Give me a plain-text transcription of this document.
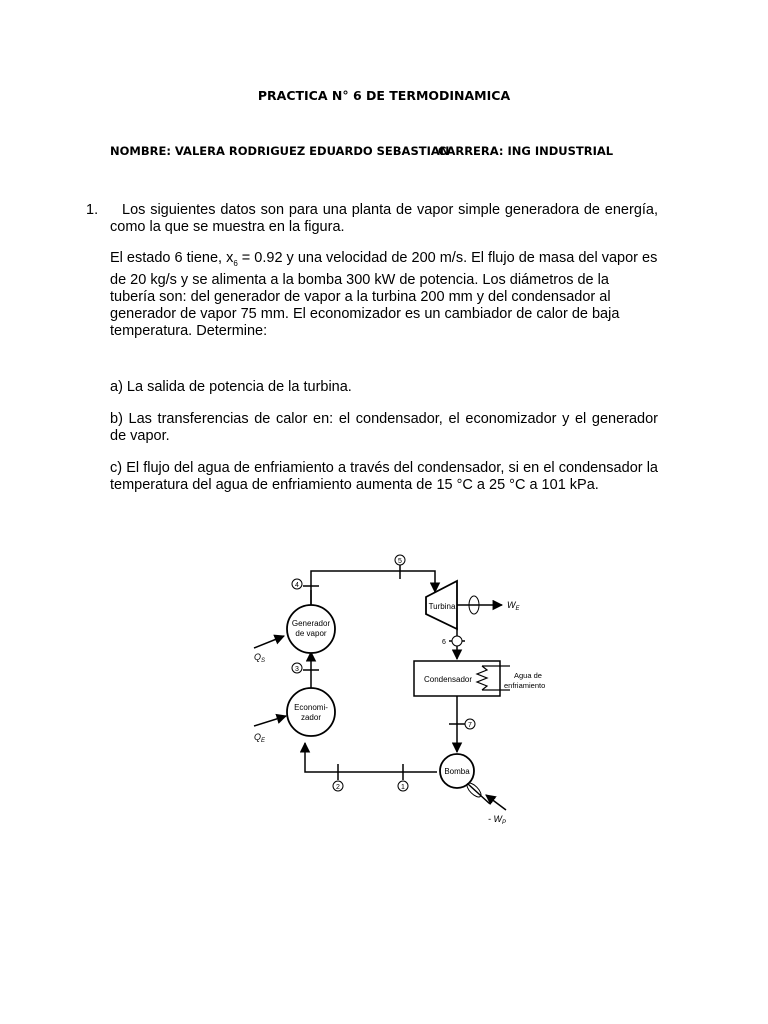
PRACTICA N° 6 DE TERMODINAMICA
NOMBRE: VALERA RODRIGUEZ EDUARDO SEBASTIAN
CARRERA: ING INDUSTRIAL
1.	Los siguientes datos son para una planta de vapor simple generadora de energía, como la que se muestra en la figura.
El estado 6 tiene, $x_6 = 0.92$ y una velocidad de 200 m/s. El flujo de masa del vapor es de 20 kg/s y se alimenta a la bomba 300 kW de potencia. Los diámetros de la tubería son: del generador de vapor a la turbina 200 mm y del condensador al generador de vapor 75 mm. El economizador es un cambiador de calor de baja temperatura. Determine:
a) La salida de potencia de la turbina.
b) Las transferencias de calor en: el condensador, el economizador y el generador de vapor.
c) El flujo del agua de enfriamiento a través del condensador, si en el condensador la temperatura del agua de enfriamiento aumenta de 15 °C a 25 °C a 101 kPa.
4
5
3
6
7
2	1
Generador
de vapor
Economi-
zador
$Q_S$
$Q_E$
Turbina	$W_E$
Condensador	Agua de
enfriamiento
Bomba
- $W_P$
